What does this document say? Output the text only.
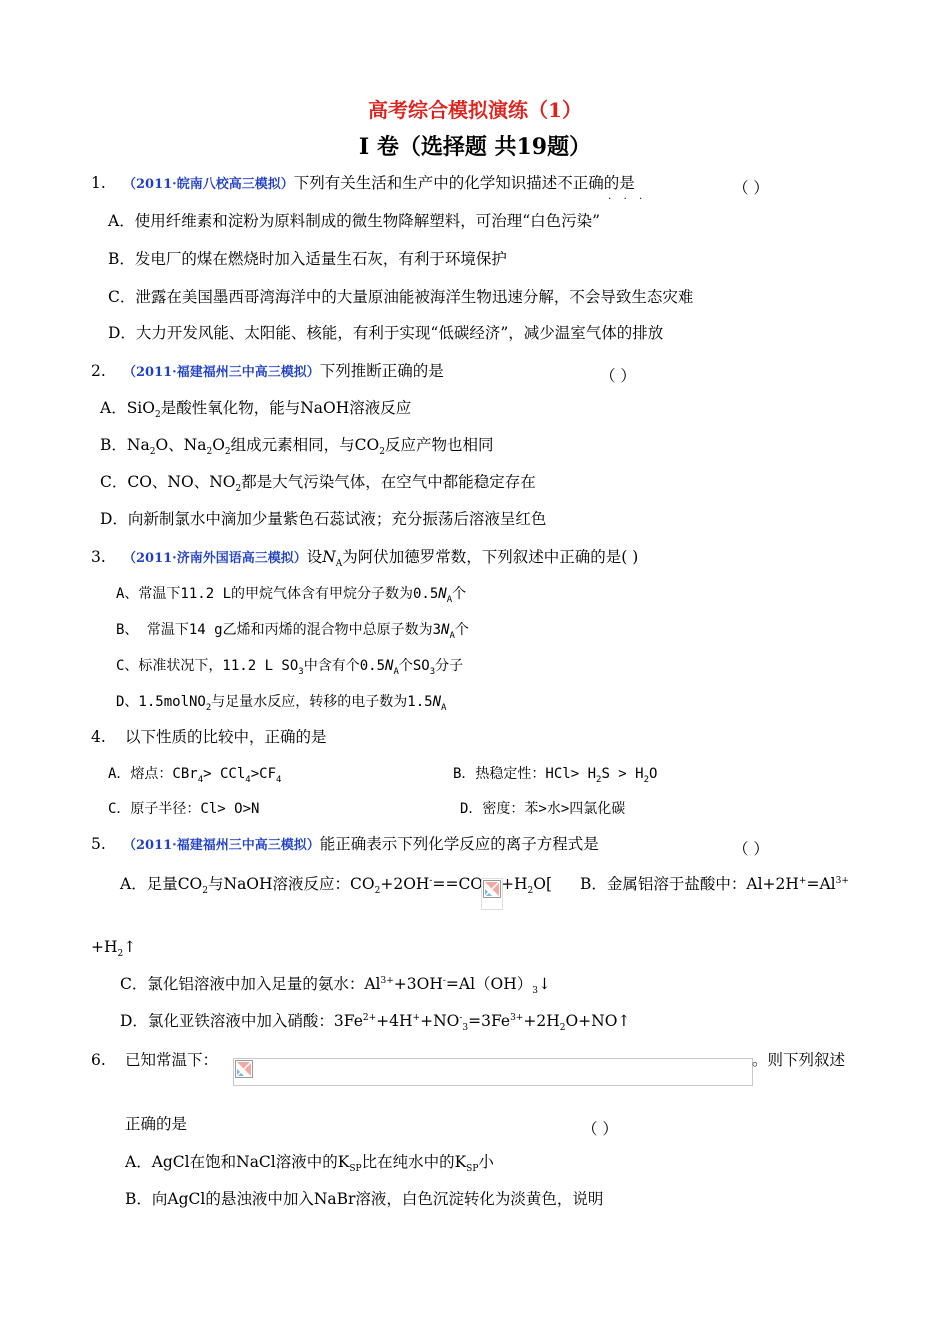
高考综合模拟演练（1）
Ⅰ 卷（选择题 共19题）
1. （2011·皖南八校高三模拟）下列有关生活和生产中的化学知识描述不正确的是
· · ·
（ ）
A．使用纤维素和淀粉为原料制成的微生物降解塑料，可治理“白色污染”
B．发电厂的煤在燃烧时加入适量生石灰，有利于环境保护
C．泄露在美国墨西哥湾海洋中的大量原油能被海洋生物迅速分解，不会导致生态灾难
D．大力开发风能、太阳能、核能，有利于实现“低碳经济”，减少温室气体的排放
2. （2011·福建福州三中高三模拟）下列推断正确的是	（ ）
A．SiO$_2$是酸性氧化物，能与NaOH溶液反应
B．$Na_2O$、$Na_2O_2$组成元素相同，与$CO_2$反应产物也相同
C．CO、NO、$NO_2$都是大气污染气体，在空气中都能稳定存在
D．向新制氯水中滴加少量紫色石蕊试液；充分振荡后溶液呈红色
3. （2011·济南外国语高三模拟）设$N_A$为阿伏加德罗常数，下列叙述中正确的是( )
A、常温下11.2 L的甲烷气体含有甲烷分子数为$0.5N_A$个
B、 常温下14 g乙烯和丙烯的混合物中总原子数为$3N_A$个
C、标准状况下，11.2 L $SO_3$中含有个$0.5N_A$个$SO_3$分子
D、1.5molNO$_2$与足量水反应，转移的电子数为$1.5N_A$
4. 以下性质的比较中，正确的是
A．熔点：$CBr_4> CCl_4>CF_4$	B．热稳定性：$HCl> H_2S > H_2O$
C．原子半径：Cl> O>N	D．密度：苯>水>四氯化碳
5. （2011·福建福州三中高三模拟）能正确表示下列化学反应的离子方程式是	（ ）
A．足量$CO_2$与NaOH溶液反应：$CO_2+2OH^-==CO +H_2O$[ B．金属铝溶于盐酸中：$Al+2H^+=Al^{3+}$
$+H_2↑$
C．氯化铝溶液中加入足量的氨水：$Al^{3+}+3OH^-=Al(OH)_3↓$
D．氯化亚铁溶液中加入硝酸：$3Fe^{2+}+4H^++NO^-_3=3Fe^{3+}+2H_2O+NO↑$
6. 已知常温下：	。则下列叙述
正确的是	（ ）
A．AgCl在饱和NaCl溶液中的$K_{SP}$比在纯水中的$K_{SP}$小
B．向AgCl的悬浊液中加入NaBr溶液，白色沉淀转化为淡黄色，说明
